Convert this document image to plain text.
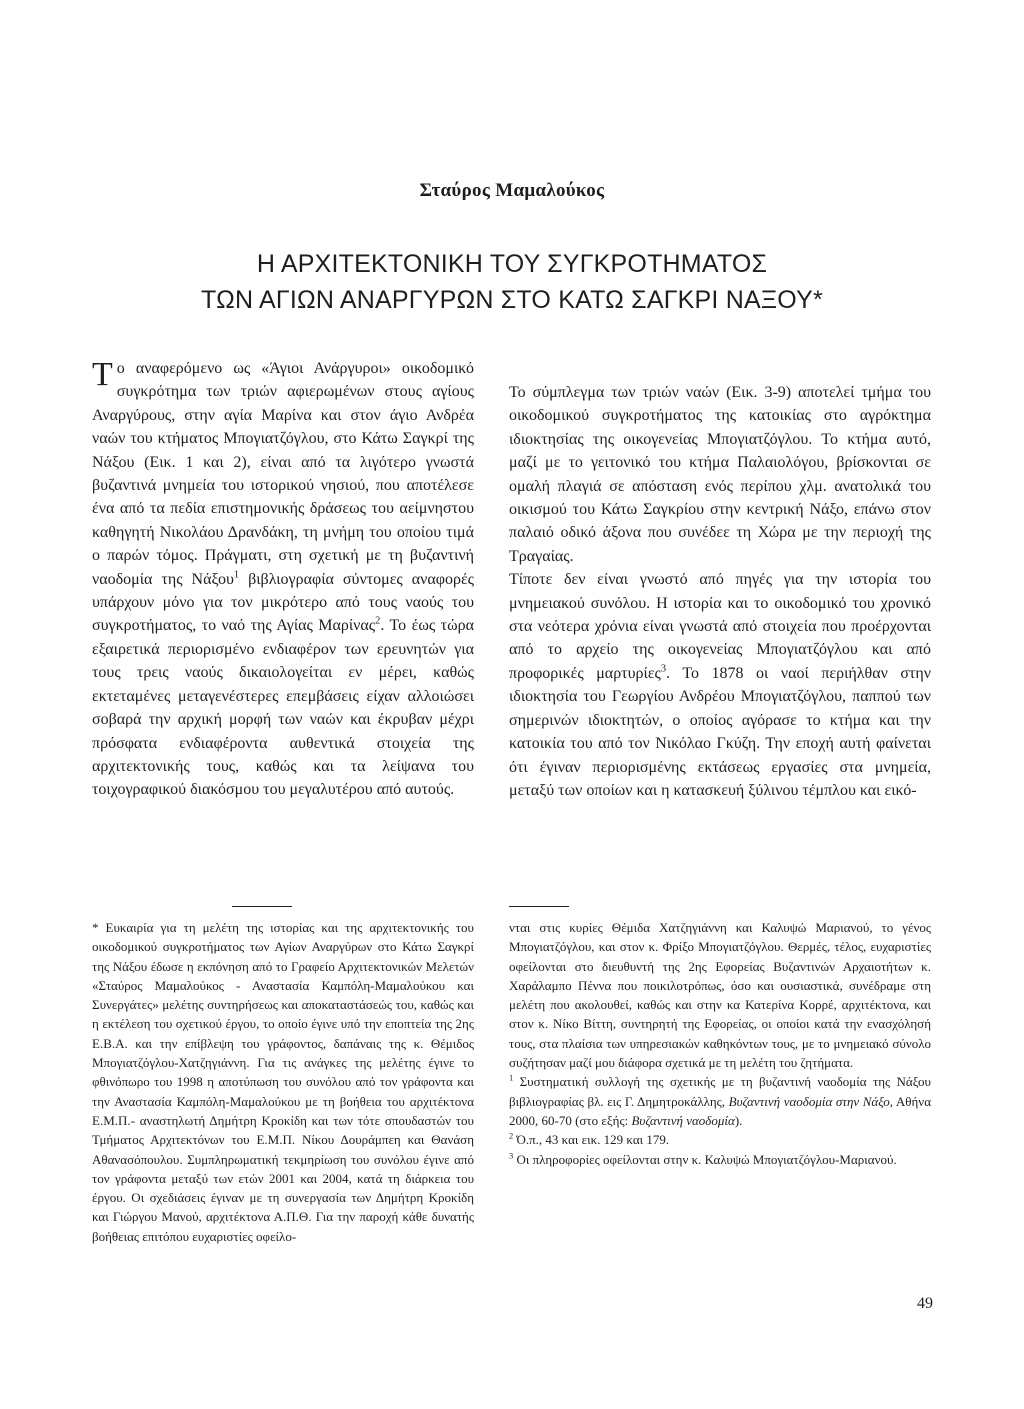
Σταύρος Μαμαλούκος
Η ΑΡΧΙΤΕΚΤΟΝΙΚΗ ΤΟΥ ΣΥΓΚΡΟΤΗΜΑΤΟΣ
ΤΩΝ ΑΓΙΩΝ ΑΝΑΡΓΥΡΩΝ ΣΤΟ ΚΑΤΩ ΣΑΓΚΡΙ ΝΑΞΟΥ*

Το αναφερόμενο ως «Άγιοι Ανάργυροι» οικοδομικό συγκρότημα των τριών αφιερωμένων στους αγίους Αναργύρους, στην αγία Μαρίνα και στον άγιο Ανδρέα ναών του κτήματος Μπογιατζόγλου, στο Κάτω Σαγκρί της Νάξου (Εικ. 1 και 2), είναι από τα λιγότερο γνωστά βυζαντινά μνημεία του ιστορικού νησιού, που αποτέλεσε ένα από τα πεδία επιστημονικής δράσεως του αείμνηστου καθηγητή Νικολάου Δρανδάκη, τη μνήμη του οποίου τιμά ο παρών τόμος. Πράγματι, στη σχετική με τη βυζαντινή ναοδομία της Νάξου$^1$ βιβλιογραφία σύντομες αναφορές υπάρχουν μόνο για τον μικρότερο από τους ναούς του συγκροτήματος, το ναό της Αγίας Μαρίνας$^2$. Το έως τώρα εξαιρετικά περιορισμένο ενδιαφέρον των ερευνητών για τους τρεις ναούς δικαιολογείται εν μέρει, καθώς εκτεταμένες μεταγενέστερες επεμβάσεις είχαν αλλοιώσει σοβαρά την αρχική μορφή των ναών και έκρυβαν μέχρι πρόσφατα ενδιαφέροντα αυθεντικά στοιχεία της αρχιτεκτονικής τους, καθώς και τα λείψανα του τοιχογραφικού διακόσμου του μεγαλυτέρου από αυτούς.

Το σύμπλεγμα των τριών ναών (Εικ. 3-9) αποτελεί τμήμα του οικοδομικού συγκροτήματος της κατοικίας στο αγρόκτημα ιδιοκτησίας της οικογενείας Μπογιατζόγλου. Το κτήμα αυτό, μαζί με το γειτονικό του κτήμα Παλαιολόγου, βρίσκονται σε ομαλή πλαγιά σε απόσταση ενός περίπου χλμ. ανατολικά του οικισμού του Κάτω Σαγκρίου στην κεντρική Νάξο, επάνω στον παλαιό οδικό άξονα που συνέδεε τη Χώρα με την περιοχή της Τραγαίας.

Τίποτε δεν είναι γνωστό από πηγές για την ιστορία του μνημειακού συνόλου. Η ιστορία και το οικοδομικό του χρονικό στα νεότερα χρόνια είναι γνωστά από στοιχεία που προέρχονται από το αρχείο της οικογενείας Μπογιατζόγλου και από προφορικές μαρτυρίες$^3$. Το 1878 οι ναοί περιήλθαν στην ιδιοκτησία του Γεωργίου Ανδρέου Μπογιατζόγλου, παππού των σημερινών ιδιοκτητών, ο οποίος αγόρασε το κτήμα και την κατοικία του από τον Νικόλαο Γκύζη. Την εποχή αυτή φαίνεται ότι έγιναν περιορισμένης εκτάσεως εργασίες στα μνημεία, μεταξύ των οποίων και η κατασκευή ξύλινου τέμπλου και εικό-

* Ευκαιρία για τη μελέτη της ιστορίας και της αρχιτεκτονικής του οικοδομικού συγκροτήματος των Αγίων Αναργύρων στο Κάτω Σαγκρί της Νάξου έδωσε η εκπόνηση από το Γραφείο Αρχιτεκτονικών Μελετών «Σταύρος Μαμαλούκος - Αναστασία Καμπόλη-Μαμαλούκου και Συνεργάτες» μελέτης συντηρήσεως και αποκαταστάσεώς του, καθώς και η εκτέλεση του σχετικού έργου, το οποίο έγινε υπό την εποπτεία της 2ης Ε.Β.Α. και την επίβλεψη του γράφοντος, δαπάναις της κ. Θέμιδος Μπογιατζόγλου-Χατζηγιάννη. Για τις ανάγκες της μελέτης έγινε το φθινόπωρο του 1998 η αποτύπωση του συνόλου από τον γράφοντα και την Αναστασία Καμπόλη-Μαμαλούκου με τη βοήθεια του αρχιτέκτονα Ε.Μ.Π.- αναστηλωτή Δημήτρη Κροκίδη και των τότε σπουδαστών του Τμήματος Αρχιτεκτόνων του Ε.Μ.Π. Νίκου Δουράμπεη και Θανάση Αθανασόπουλου. Συμπληρωματική τεκμηρίωση του συνόλου έγινε από τον γράφοντα μεταξύ των ετών 2001 και 2004, κατά τη διάρκεια του έργου. Οι σχεδιάσεις έγιναν με τη συνεργασία των Δημήτρη Κροκίδη και Γιώργου Μανού, αρχιτέκτονα Α.Π.Θ. Για την παροχή κάθε δυνατής βοήθειας επιτόπου ευχαριστίες οφείλο-

νται στις κυρίες Θέμιδα Χατζηγιάννη και Καλυψώ Μαριανού, το γένος Μπογιατζόγλου, και στον κ. Φρίξο Μπογιατζόγλου. Θερμές, τέλος, ευχαριστίες οφείλονται στο διευθυντή της 2ης Εφορείας Βυζαντινών Αρχαιοτήτων κ. Χαράλαμπο Πέννα που ποικιλοτρόπως, όσο και ουσιαστικά, συνέδραμε στη μελέτη που ακολουθεί, καθώς και στην κα Κατερίνα Κορρέ, αρχιτέκτονα, και στον κ. Νίκο Βίττη, συντηρητή της Εφορείας, οι οποίοι κατά την ενασχόλησή τους, στα πλαίσια των υπηρεσιακών καθηκόντων τους, με το μνημειακό σύνολο συζήτησαν μαζί μου διάφορα σχετικά με τη μελέτη του ζητήματα.

$^1$ Συστηματική συλλογή της σχετικής με τη βυζαντινή ναοδομία της Νάξου βιβλιογραφίας βλ. εις Γ. Δημητροκάλλης, Βυζαντινή ναοδομία στην Νάξο, Αθήνα 2000, 60-70 (στο εξής: Βυζαντινή ναοδομία).

$^2$ Ό.π., 43 και εικ. 129 και 179.

$^3$ Οι πληροφορίες οφείλονται στην κ. Καλυψώ Μπογιατζόγλου-Μαριανού.

49
